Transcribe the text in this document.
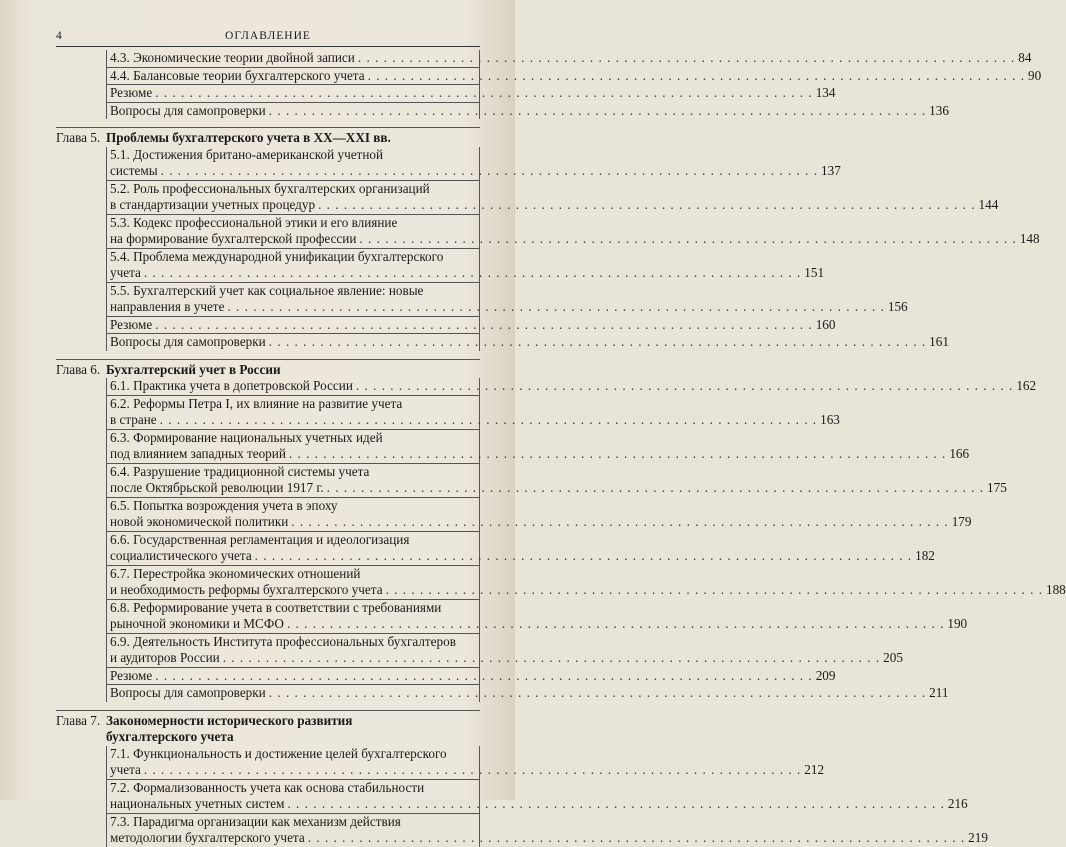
4	ОГЛАВЛЕНИЕ
4.3. Экономические теории двойной записи . . . . . . . . . . . . . . . . . . . . . . . . . . . . . . . . . . . . . . . . . . . . . . . . . . . . . . . . . . . . . . . . . . . . . . . . . . . . . 84
4.4. Балансовые теории бухгалтерского учета . . . . . . . . . . . . . . . . . . . . . . . . . . . . . . . . . . . . . . . . . . . . . . . . . . . . . . . . . . . . . . . . . . . . . . . . . . . . . 90
Резюме . . . . . . . . . . . . . . . . . . . . . . . . . . . . . . . . . . . . . . . . . . . . . . . . . . . . . . . . . . . . . . . . . . . . . . . . . . . . . 134
Вопросы для самопроверки . . . . . . . . . . . . . . . . . . . . . . . . . . . . . . . . . . . . . . . . . . . . . . . . . . . . . . . . . . . . . . . . . . . . . . . . . . . . . 136
Глава 5. Проблемы бухгалтерского учета в XX—XXI вв.
5.1. Достижения британо-американской учетной
системы . . . . . . . . . . . . . . . . . . . . . . . . . . . . . . . . . . . . . . . . . . . . . . . . . . . . . . . . . . . . . . . . . . . . . . . . . . . . . 137
5.2. Роль профессиональных бухгалтерских организаций
в стандартизации учетных процедур . . . . . . . . . . . . . . . . . . . . . . . . . . . . . . . . . . . . . . . . . . . . . . . . . . . . . . . . . . . . . . . . . . . . . . . . . . . . . 144
5.3. Кодекс профессиональной этики и его влияние
на формирование бухгалтерской профессии . . . . . . . . . . . . . . . . . . . . . . . . . . . . . . . . . . . . . . . . . . . . . . . . . . . . . . . . . . . . . . . . . . . . . . . . . . . . . 148
5.4. Проблема международной унификации бухгалтерского
учета . . . . . . . . . . . . . . . . . . . . . . . . . . . . . . . . . . . . . . . . . . . . . . . . . . . . . . . . . . . . . . . . . . . . . . . . . . . . . 151
5.5. Бухгалтерский учет как социальное явление: новые
направления в учете . . . . . . . . . . . . . . . . . . . . . . . . . . . . . . . . . . . . . . . . . . . . . . . . . . . . . . . . . . . . . . . . . . . . . . . . . . . . . 156
Резюме . . . . . . . . . . . . . . . . . . . . . . . . . . . . . . . . . . . . . . . . . . . . . . . . . . . . . . . . . . . . . . . . . . . . . . . . . . . . . 160
Вопросы для самопроверки . . . . . . . . . . . . . . . . . . . . . . . . . . . . . . . . . . . . . . . . . . . . . . . . . . . . . . . . . . . . . . . . . . . . . . . . . . . . . 161
Глава 6. Бухгалтерский учет в России
6.1. Практика учета в допетровской России . . . . . . . . . . . . . . . . . . . . . . . . . . . . . . . . . . . . . . . . . . . . . . . . . . . . . . . . . . . . . . . . . . . . . . . . . . . . . 162
6.2. Реформы Петра I, их влияние на развитие учета
в стране . . . . . . . . . . . . . . . . . . . . . . . . . . . . . . . . . . . . . . . . . . . . . . . . . . . . . . . . . . . . . . . . . . . . . . . . . . . . . 163
6.3. Формирование национальных учетных идей
под влиянием западных теорий . . . . . . . . . . . . . . . . . . . . . . . . . . . . . . . . . . . . . . . . . . . . . . . . . . . . . . . . . . . . . . . . . . . . . . . . . . . . . 166
6.4. Разрушение традиционной системы учета
после Октябрьской революции 1917 г. . . . . . . . . . . . . . . . . . . . . . . . . . . . . . . . . . . . . . . . . . . . . . . . . . . . . . . . . . . . . . . . . . . . . . . . . . . . . . 175
6.5. Попытка возрождения учета в эпоху
новой экономической политики . . . . . . . . . . . . . . . . . . . . . . . . . . . . . . . . . . . . . . . . . . . . . . . . . . . . . . . . . . . . . . . . . . . . . . . . . . . . . 179
6.6. Государственная регламентация и идеологизация
социалистического учета . . . . . . . . . . . . . . . . . . . . . . . . . . . . . . . . . . . . . . . . . . . . . . . . . . . . . . . . . . . . . . . . . . . . . . . . . . . . . 182
6.7. Перестройка экономических отношений
и необходимость реформы бухгалтерского учета . . . . . . . . . . . . . . . . . . . . . . . . . . . . . . . . . . . . . . . . . . . . . . . . . . . . . . . . . . . . . . . . . . . . . . . . . . . . . 188
6.8. Реформирование учета в соответствии с требованиями
рыночной экономики и МСФО . . . . . . . . . . . . . . . . . . . . . . . . . . . . . . . . . . . . . . . . . . . . . . . . . . . . . . . . . . . . . . . . . . . . . . . . . . . . . 190
6.9. Деятельность Института профессиональных бухгалтеров
и аудиторов России . . . . . . . . . . . . . . . . . . . . . . . . . . . . . . . . . . . . . . . . . . . . . . . . . . . . . . . . . . . . . . . . . . . . . . . . . . . . . 205
Резюме . . . . . . . . . . . . . . . . . . . . . . . . . . . . . . . . . . . . . . . . . . . . . . . . . . . . . . . . . . . . . . . . . . . . . . . . . . . . . 209
Вопросы для самопроверки . . . . . . . . . . . . . . . . . . . . . . . . . . . . . . . . . . . . . . . . . . . . . . . . . . . . . . . . . . . . . . . . . . . . . . . . . . . . . 211
Глава 7. Закономерности исторического развития бухгалтерского учета
7.1. Функциональность и достижение целей бухгалтерского
учета . . . . . . . . . . . . . . . . . . . . . . . . . . . . . . . . . . . . . . . . . . . . . . . . . . . . . . . . . . . . . . . . . . . . . . . . . . . . . 212
7.2. Формализованность учета как основа стабильности
национальных учетных систем . . . . . . . . . . . . . . . . . . . . . . . . . . . . . . . . . . . . . . . . . . . . . . . . . . . . . . . . . . . . . . . . . . . . . . . . . . . . . 216
7.3. Парадигма организации как механизм действия
методологии бухгалтерского учета . . . . . . . . . . . . . . . . . . . . . . . . . . . . . . . . . . . . . . . . . . . . . . . . . . . . . . . . . . . . . . . . . . . . . . . . . . . . . 219
